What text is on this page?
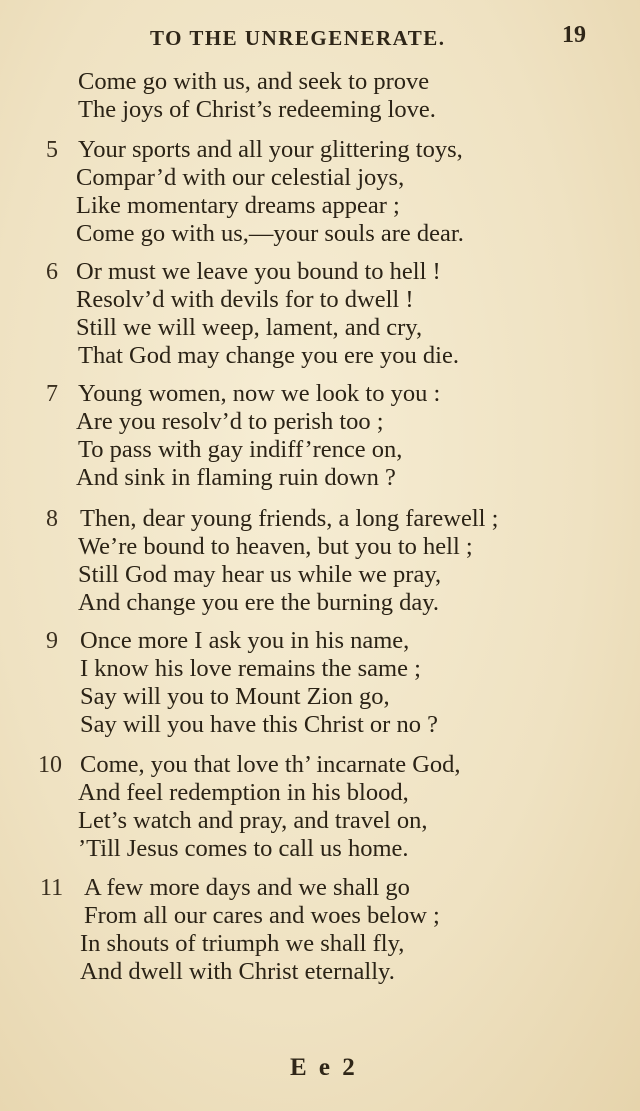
TO THE UNREGENERATE.	19
Come go with us, and seek to prove
The joys of Christ’s redeeming love.
5 Your sports and all your glittering toys,
Compar’d with our celestial joys,
Like momentary dreams appear ;
Come go with us,—your souls are dear.
6 Or must we leave you bound to hell !
Resolv’d with devils for to dwell !
Still we will weep, lament, and cry,
That God may change you ere you die.
7 Young women, now we look to you :
Are you resolv’d to perish too ;
To pass with gay indiff’rence on,
And sink in flaming ruin down ?
8 Then, dear young friends, a long farewell ;
We’re bound to heaven, but you to hell ;
Still God may hear us while we pray,
And change you ere the burning day.
9 Once more I ask you in his name,
I know his love remains the same ;
Say will you to Mount Zion go,
Say will you have this Christ or no ?
10 Come, you that love th’ incarnate God,
And feel redemption in his blood,
Let’s watch and pray, and travel on,
’Till Jesus comes to call us home.
11 A few more days and we shall go
From all our cares and woes below ;
In shouts of triumph we shall fly,
And dwell with Christ eternally.
E e 2
